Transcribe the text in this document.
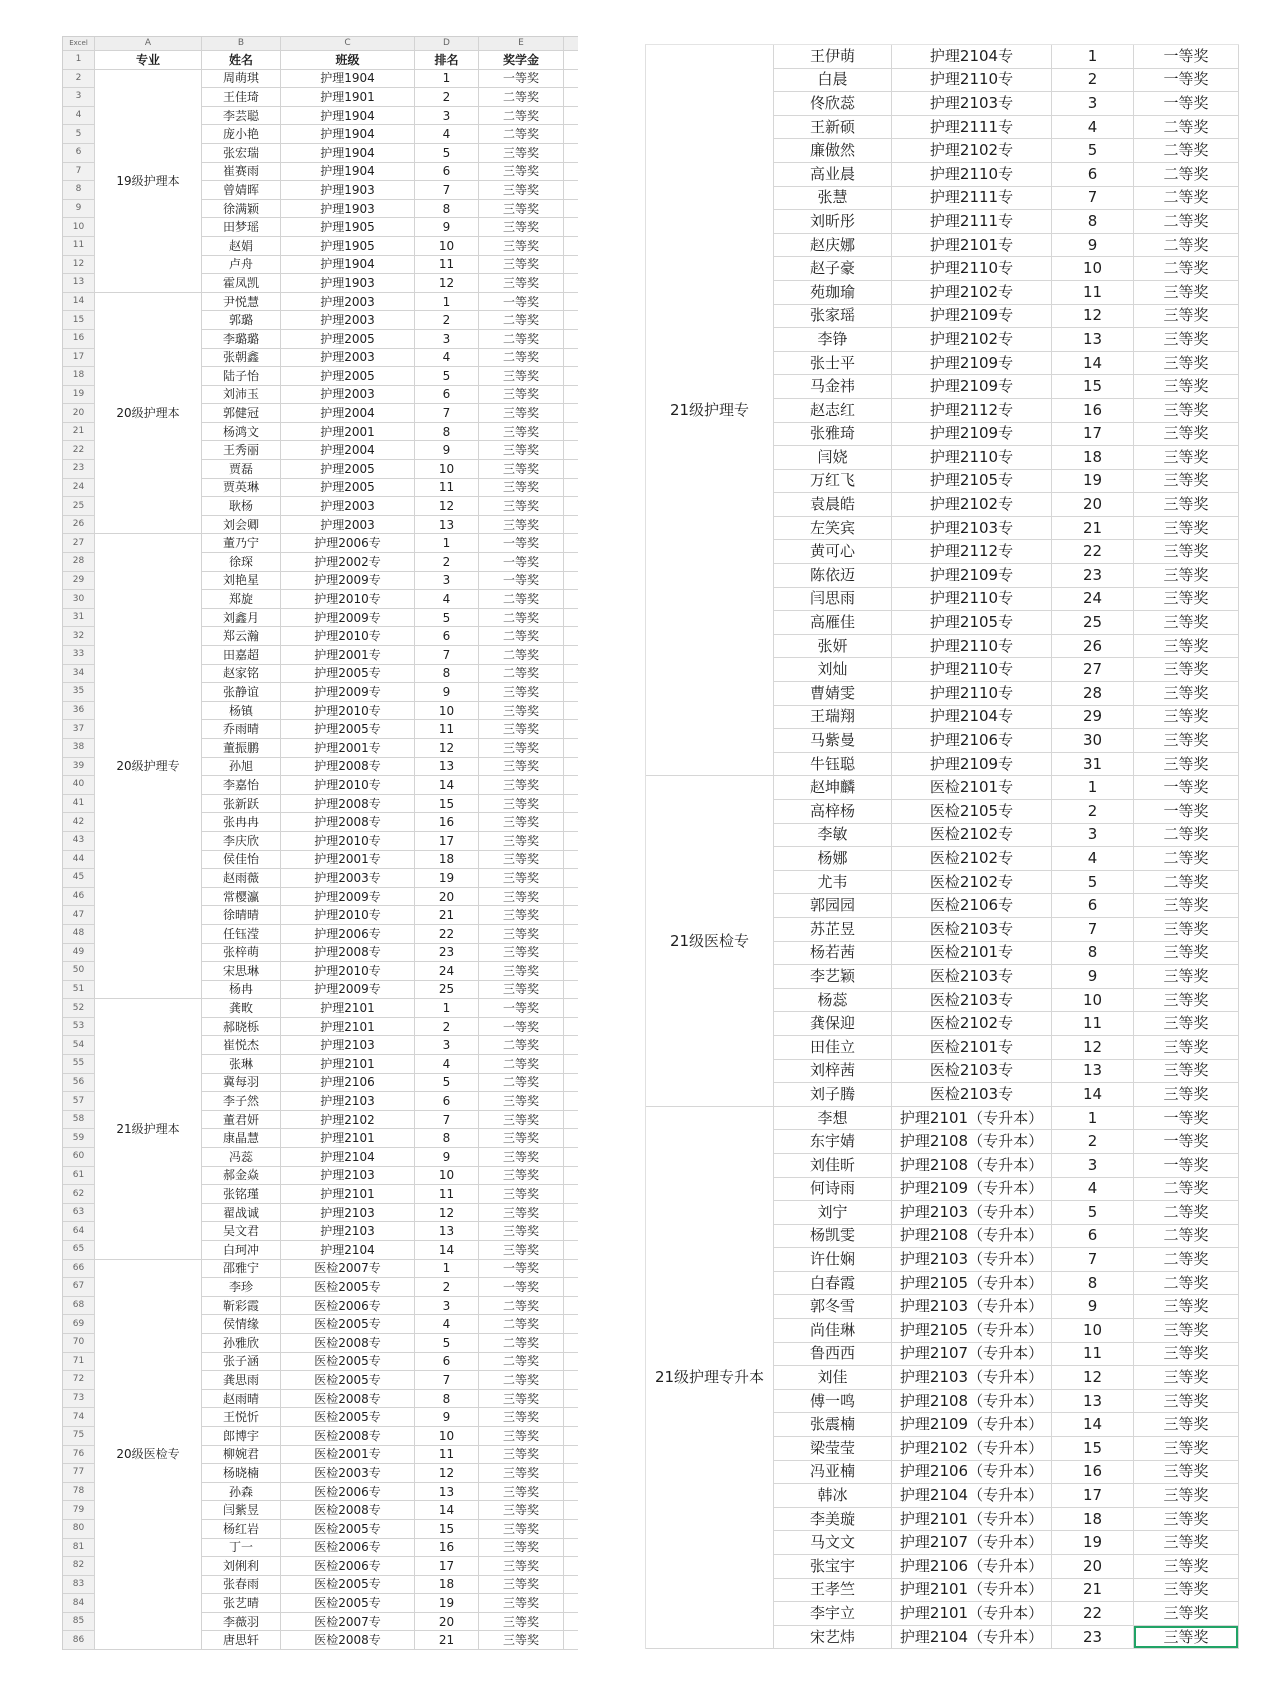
Excel	A	B	C	D	E
1	专业	姓名	班级	排名	奖学金
19级护理本
2	周萌琪	护理1904	1	一等奖
3	王佳琦	护理1901	2	二等奖
4	李芸聪	护理1904	3	二等奖
5	庞小艳	护理1904	4	二等奖
6	张宏瑞	护理1904	5	三等奖
7	崔赛雨	护理1904	6	三等奖
8	曾婧晖	护理1903	7	三等奖
9	徐满颖	护理1903	8	三等奖
10	田梦瑶	护理1905	9	三等奖
11	赵娟	护理1905	10	三等奖
12	卢舟	护理1904	11	三等奖
13	霍凤凯	护理1903	12	三等奖
20级护理本
14	尹悦慧	护理2003	1	一等奖
15	郭璐	护理2003	2	二等奖
16	李璐璐	护理2005	3	二等奖
17	张朝鑫	护理2003	4	二等奖
18	陆子怡	护理2005	5	三等奖
19	刘沛玉	护理2003	6	三等奖
20	郭健冠	护理2004	7	三等奖
21	杨鸿文	护理2001	8	三等奖
22	王秀丽	护理2004	9	三等奖
23	贾磊	护理2005	10	三等奖
24	贾英琳	护理2005	11	三等奖
25	耿杨	护理2003	12	三等奖
26	刘会卿	护理2003	13	三等奖
20级护理专
27	董乃宁	护理2006专	1	一等奖
28	徐琛	护理2002专	2	一等奖
29	刘艳星	护理2009专	3	一等奖
30	郑旋	护理2010专	4	二等奖
31	刘鑫月	护理2009专	5	二等奖
32	郑云瀚	护理2010专	6	二等奖
33	田嘉超	护理2001专	7	二等奖
34	赵家铭	护理2005专	8	二等奖
35	张静谊	护理2009专	9	三等奖
36	杨镇	护理2010专	10	三等奖
37	乔雨晴	护理2005专	11	三等奖
38	董振鹏	护理2001专	12	三等奖
39	孙旭	护理2008专	13	三等奖
40	李嘉怡	护理2010专	14	三等奖
41	张新跃	护理2008专	15	三等奖
42	张冉冉	护理2008专	16	三等奖
43	李庆欣	护理2010专	17	三等奖
44	侯佳怡	护理2001专	18	三等奖
45	赵雨薇	护理2003专	19	三等奖
46	常樱瀛	护理2009专	20	三等奖
47	徐晴晴	护理2010专	21	三等奖
48	任钰滢	护理2006专	22	三等奖
49	张梓萌	护理2008专	23	三等奖
50	宋思琳	护理2010专	24	三等奖
51	杨冉	护理2009专	25	三等奖
21级护理本
52	龚畋	护理2101	1	一等奖
53	郝晓栎	护理2101	2	一等奖
54	崔悦杰	护理2103	3	二等奖
55	张琳	护理2101	4	二等奖
56	冀每羽	护理2106	5	二等奖
57	李子然	护理2103	6	三等奖
58	董君妍	护理2102	7	三等奖
59	康晶慧	护理2101	8	三等奖
60	冯蕊	护理2104	9	三等奖
61	郝金焱	护理2103	10	三等奖
62	张铭瑾	护理2101	11	三等奖
63	翟战诚	护理2103	12	三等奖
64	吴文君	护理2103	13	三等奖
65	白珂冲	护理2104	14	三等奖
20级医检专
66	邵雅宁	医检2007专	1	一等奖
67	李珍	医检2005专	2	一等奖
68	靳彩霞	医检2006专	3	二等奖
69	侯情缘	医检2005专	4	二等奖
70	孙雅欣	医检2008专	5	二等奖
71	张子涵	医检2005专	6	二等奖
72	龚思雨	医检2005专	7	二等奖
73	赵雨晴	医检2008专	8	三等奖
74	王悦忻	医检2005专	9	三等奖
75	郎博宇	医检2008专	10	三等奖
76	柳婉君	医检2001专	11	三等奖
77	杨晓楠	医检2003专	12	三等奖
78	孙森	医检2006专	13	三等奖
79	闫紫昱	医检2008专	14	三等奖
80	杨红岩	医检2005专	15	三等奖
81	丁一	医检2006专	16	三等奖
82	刘俐利	医检2006专	17	三等奖
83	张春雨	医检2005专	18	三等奖
84	张艺晴	医检2005专	19	三等奖
85	李薇羽	医检2007专	20	三等奖
86	唐思轩	医检2008专	21	三等奖
21级护理专
王伊萌	护理2104专	1	一等奖
白晨	护理2110专	2	一等奖
佟欣蕊	护理2103专	3	一等奖
王新硕	护理2111专	4	二等奖
廉傲然	护理2102专	5	二等奖
高业晨	护理2110专	6	二等奖
张慧	护理2111专	7	二等奖
刘昕彤	护理2111专	8	二等奖
赵庆娜	护理2101专	9	二等奖
赵子豪	护理2110专	10	二等奖
苑珈瑜	护理2102专	11	三等奖
张家瑶	护理2109专	12	三等奖
李铮	护理2102专	13	三等奖
张士平	护理2109专	14	三等奖
马金祎	护理2109专	15	三等奖
赵志红	护理2112专	16	三等奖
张雅琦	护理2109专	17	三等奖
闫娆	护理2110专	18	三等奖
万红飞	护理2105专	19	三等奖
袁晨皓	护理2102专	20	三等奖
左笑宾	护理2103专	21	三等奖
黄可心	护理2112专	22	三等奖
陈依迈	护理2109专	23	三等奖
闫思雨	护理2110专	24	三等奖
高雁佳	护理2105专	25	三等奖
张妍	护理2110专	26	三等奖
刘灿	护理2110专	27	三等奖
曹婧雯	护理2110专	28	三等奖
王瑞翔	护理2104专	29	三等奖
马紫曼	护理2106专	30	三等奖
牛钰聪	护理2109专	31	三等奖
21级医检专
赵坤麟	医检2101专	1	一等奖
高梓杨	医检2105专	2	一等奖
李敏	医检2102专	3	二等奖
杨娜	医检2102专	4	二等奖
尤韦	医检2102专	5	二等奖
郭园园	医检2106专	6	三等奖
苏芷昱	医检2103专	7	三等奖
杨若茜	医检2101专	8	三等奖
李艺颖	医检2103专	9	三等奖
杨蕊	医检2103专	10	三等奖
龚保迎	医检2102专	11	三等奖
田佳立	医检2101专	12	三等奖
刘梓茜	医检2103专	13	三等奖
刘子腾	医检2103专	14	三等奖
21级护理专升本
李想	护理2101（专升本）	1	一等奖
东宇婧	护理2108（专升本）	2	一等奖
刘佳昕	护理2108（专升本）	3	一等奖
何诗雨	护理2109（专升本）	4	二等奖
刘宁	护理2103（专升本）	5	二等奖
杨凯雯	护理2108（专升本）	6	二等奖
许仕娴	护理2103（专升本）	7	二等奖
白春霞	护理2105（专升本）	8	二等奖
郭冬雪	护理2103（专升本）	9	三等奖
尚佳琳	护理2105（专升本）	10	三等奖
鲁西西	护理2107（专升本）	11	三等奖
刘佳	护理2103（专升本）	12	三等奖
傅一鸣	护理2108（专升本）	13	三等奖
张震楠	护理2109（专升本）	14	三等奖
梁莹莹	护理2102（专升本）	15	三等奖
冯亚楠	护理2106（专升本）	16	三等奖
韩冰	护理2104（专升本）	17	三等奖
李美璇	护理2101（专升本）	18	三等奖
马文文	护理2107（专升本）	19	三等奖
张宝宇	护理2106（专升本）	20	三等奖
王孝竺	护理2101（专升本）	21	三等奖
李宇立	护理2101（专升本）	22	三等奖
宋艺炜	护理2104（专升本）	23	三等奖
